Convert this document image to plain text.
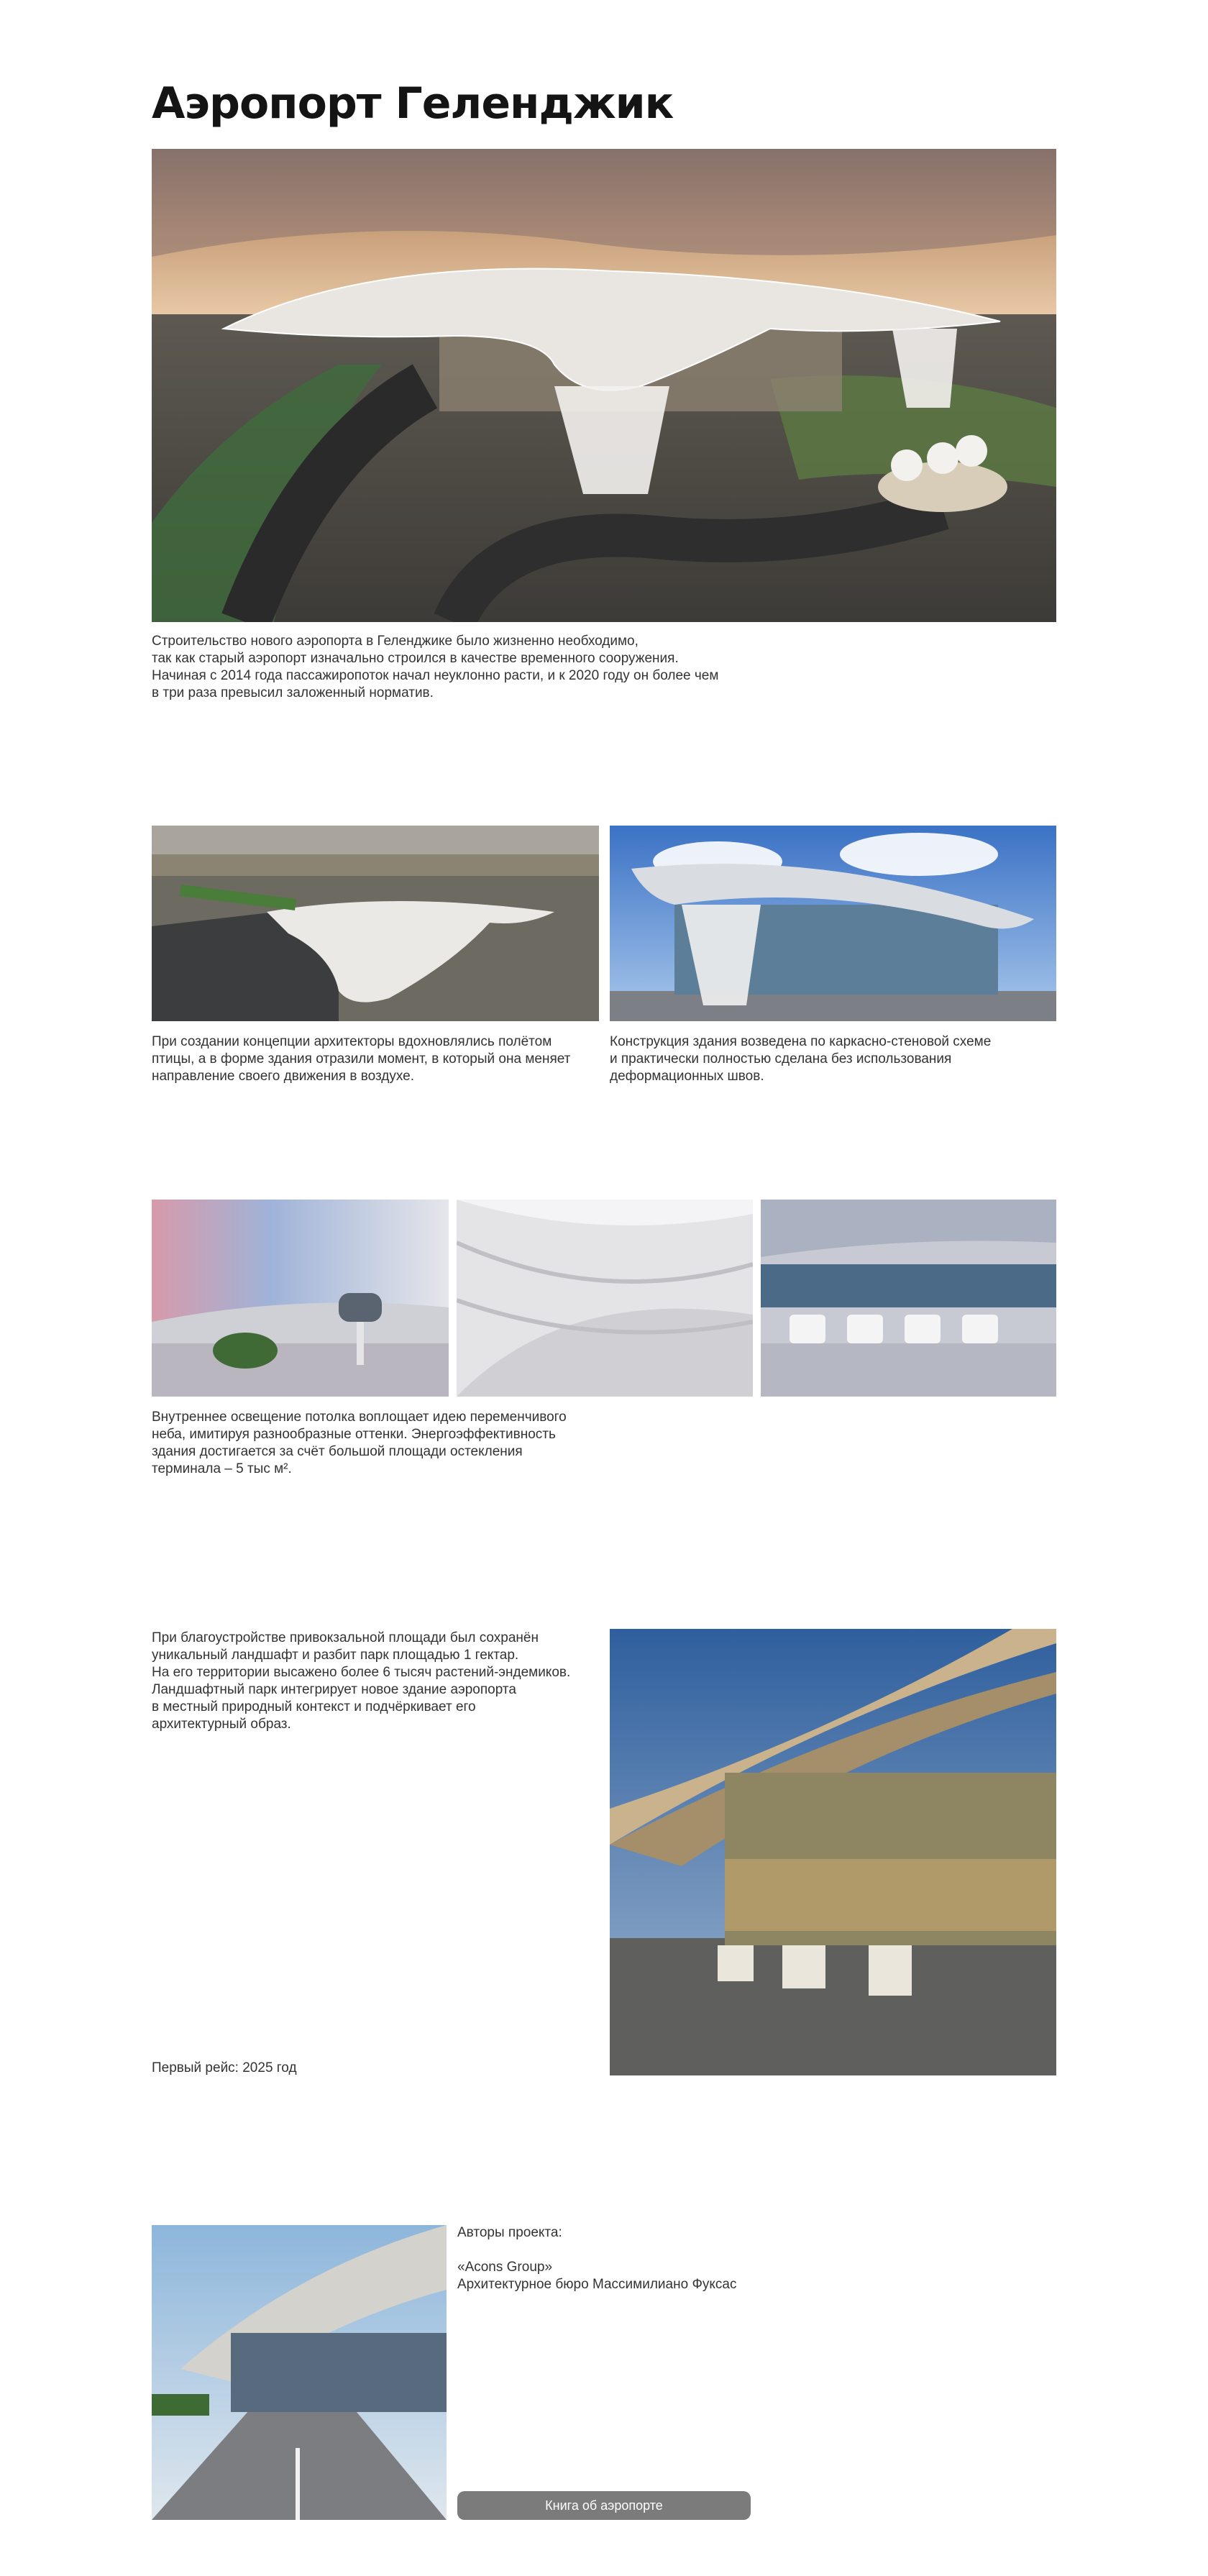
Аэропорт Геленджик
Строительство нового аэропорта в Геленджике было жизненно необходимо,
так как старый аэропорт изначально строился в качестве временного сооружения.
Начиная с 2014 года пассажиропоток начал неуклонно расти, и к 2020 году он более чем
в три раза превысил заложенный норматив.
При создании концепции архитекторы вдохновлялись полётом
птицы, а в форме здания отразили момент, в который она меняет
направление своего движения в воздухе.
Конструкция здания возведена по каркасно-стеновой схеме
и практически полностью сделана без использования
деформационных швов.
Внутреннее освещение потолка воплощает идею переменчивого
неба, имитируя разнообразные оттенки. Энергоэффективность
здания достигается за счёт большой площади остекления
терминала – 5 тыс м².
При благоустройстве привокзальной площади был сохранён
уникальный ландшафт и разбит парк площадью 1 гектар.
На его территории высажено более 6 тысяч растений-эндемиков.
Ландшафтный парк интегрирует новое здание аэропорта
в местный природный контекст и подчёркивает его
архитектурный образ.
Первый рейс: 2025 год
Авторы проекта:

«Acons Group»
Архитектурное бюро Массимилиано Фуксас
Книга об аэропорте
